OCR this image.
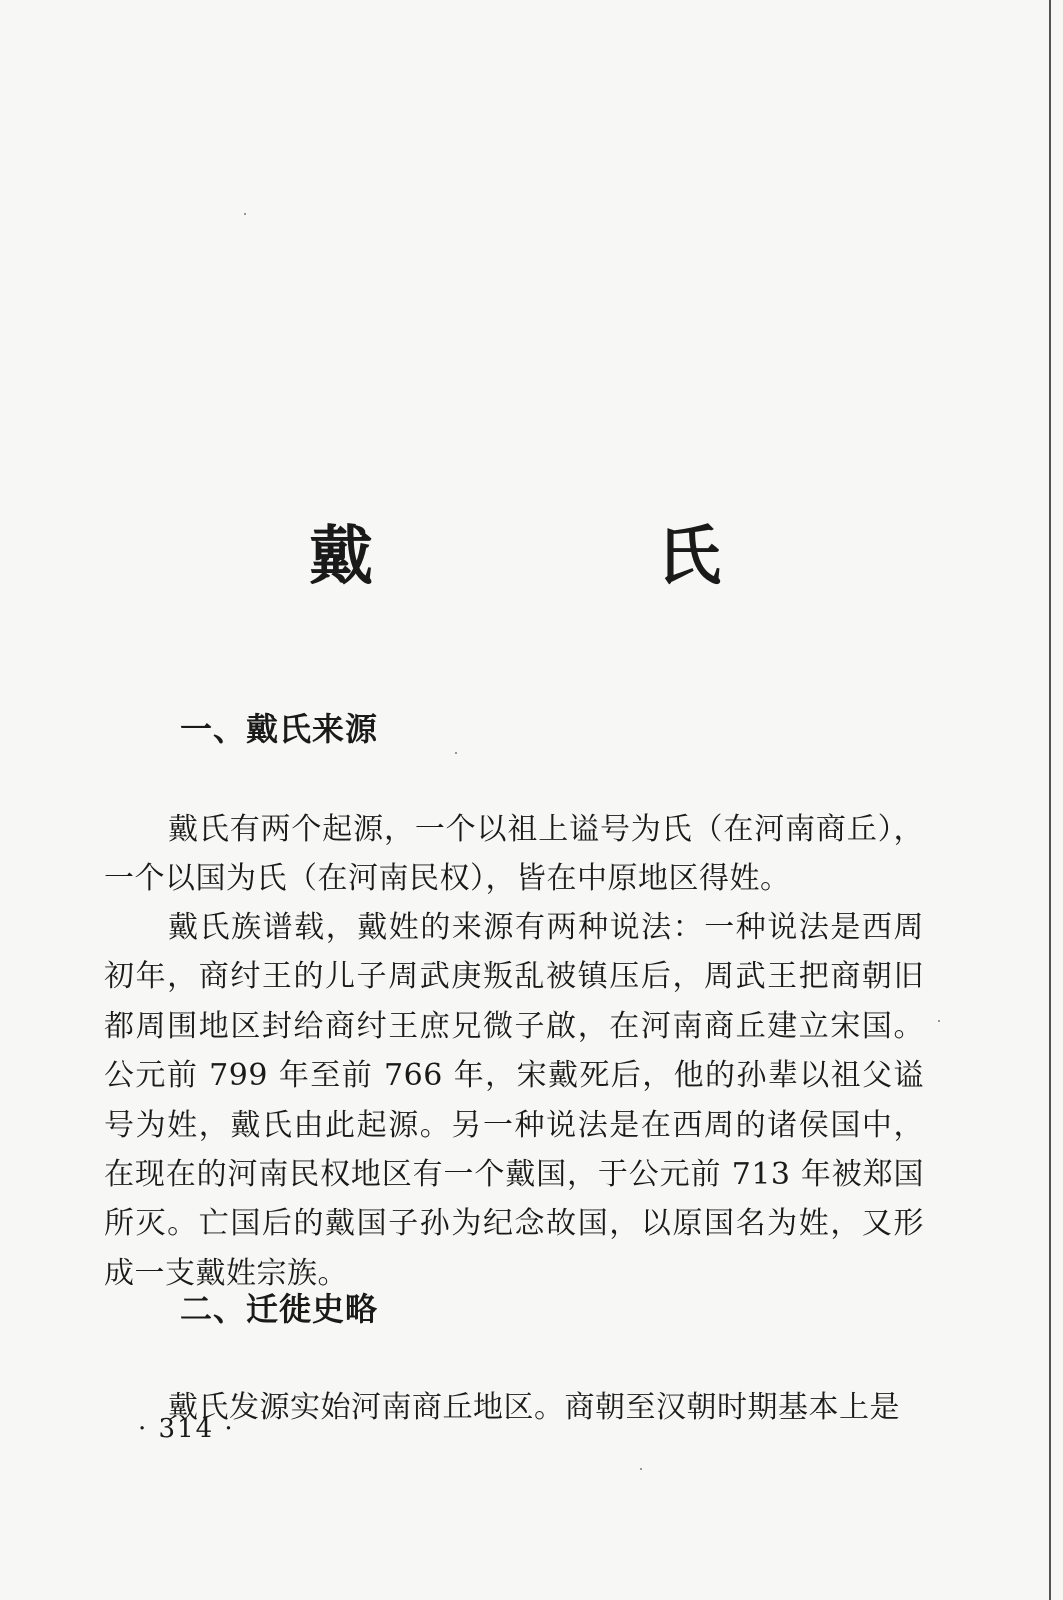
戴　氏
一、戴氏来源

戴氏有两个起源，一个以祖上谥号为氏（在河南商丘），一个以国为氏（在河南民权），皆在中原地区得姓。

戴氏族谱载，戴姓的来源有两种说法：一种说法是西周初年，商纣王的儿子周武庚叛乱被镇压后，周武王把商朝旧都周围地区封给商纣王庶兄微子啟，在河南商丘建立宋国。公元前 799 年至前 766 年，宋戴死后，他的孙辈以祖父谥号为姓，戴氏由此起源。另一种说法是在西周的诸侯国中，在现在的河南民权地区有一个戴国，于公元前 713 年被郑国所灭。亡国后的戴国子孙为纪念故国，以原国名为姓，又形成一支戴姓宗族。

二、迁徙史略

戴氏发源实始河南商丘地区。商朝至汉朝时期基本上是

· 314 ·
